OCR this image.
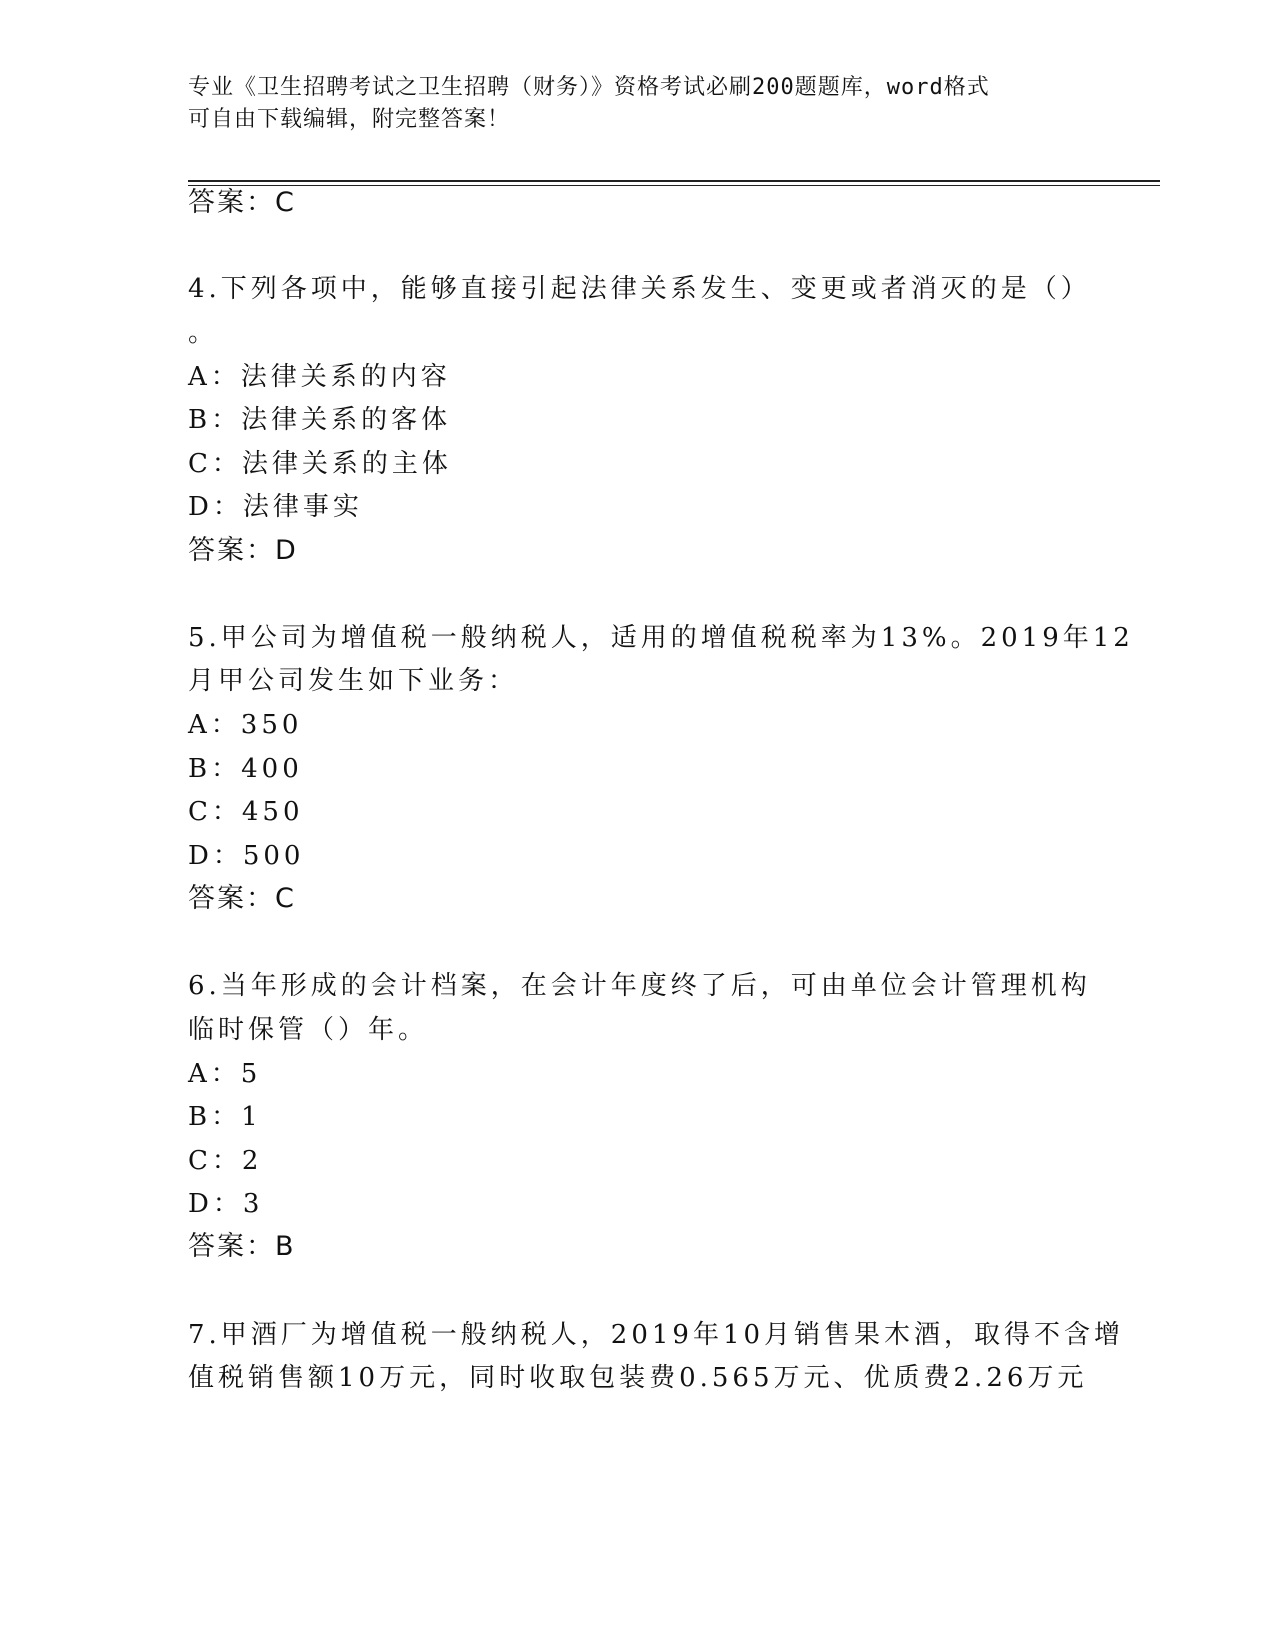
专业《卫生招聘考试之卫生招聘（财务）》资格考试必刷200题题库，word格式
可自由下载编辑，附完整答案！
答案：C
4.下列各项中，能够直接引起法律关系发生、变更或者消灭的是（）
。
A：法律关系的内容
B：法律关系的客体
C：法律关系的主体
D：法律事实
答案：D
5.甲公司为增值税一般纳税人，适用的增值税税率为13%。2019年12
月甲公司发生如下业务：
A：350
B：400
C：450
D：500
答案：C
6.当年形成的会计档案，在会计年度终了后，可由单位会计管理机构
临时保管（）年。
A：5
B：1
C：2
D：3
答案：B
7.甲酒厂为增值税一般纳税人，2019年10月销售果木酒，取得不含增
值税销售额10万元，同时收取包装费0.565万元、优质费2.26万元
